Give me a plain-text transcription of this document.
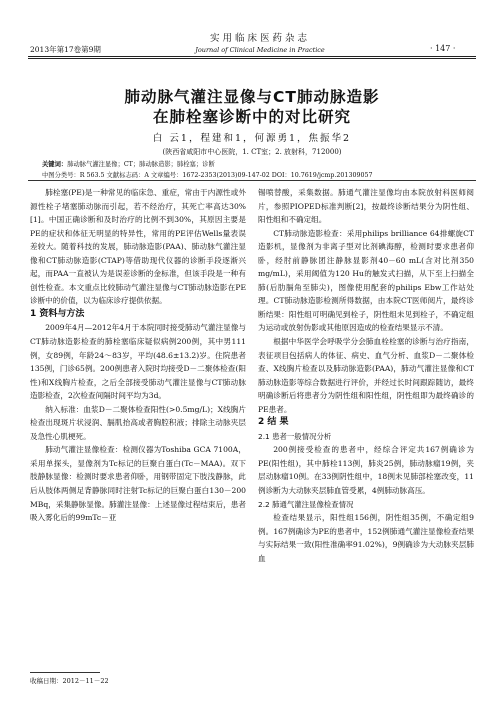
2013年第17卷第9期
实用临床医药杂志
Journal of Clinical Medicine in Practice	· 147 ·
肺动脉气灌注显像与CT肺动脉造影
在肺栓塞诊断中的对比研究
白 云1，程建和1，何源勇1，焦振华2
(陕西省咸阳市中心医院，1. CT室；2. 放射科，712000)
关键词：肺动脉气灌注显像；CT；肺动脉造影；肺栓塞；诊断
中图分类号：R 563.5 文献标志码：A 文章编号：1672-2353(2013)09-147-02 DOI：10.7619/jcmp.201309057

肺栓塞(PE)是一种常见的临床急、重症，常由于内源性或外源性栓子堵塞肺动脉而引起，若不经治疗，其死亡率高达30%[1]。中国正确诊断和及时治疗的比例不到30%，其原因主要是PE的症状和体征无明显的特异性，常用的PE评估Wells量表误差较大。随着科技的发展，肺动脉造影(PAA)、肺动脉气灌注显像和CT肺动脉造影(CTAP)等借助现代仪器的诊断手段逐渐兴起，而PAA一直被认为是误差诊断的金标准，但该手段是一种有创性检查。本文重点比较肺动气灌注显像与CT肺动脉造影在PE诊断中的价值，以为临床诊疗提供依据。

1 资料与方法

2009年4月—2012年4月于本院同时接受肺动气灌注显像与CT肺动脉造影检查的肺栓塞临床疑似病例200例，其中男111例，女89例，年龄24～83岁，平均(48.6±13.2)岁。住院患者135例，门诊65例。200例患者入院时均接受D－二聚体检查(阳性)和X线胸片检查，之后全部接受肺动气灌注显像与CT肺动脉造影检查，2次检查间隔时间平均为3d。

纳入标准：血浆D－二聚体检查阳性(>0.5mg/L)；X线胸片检查出现斑片状浸润、膈肌抬高或者胸腔积液；排除主动脉夹层及急性心肌梗死。

肺动气灌注显像检查：检测仪器为Toshiba GCA 7100A，采用单探头，显像剂为Tc标记的巨聚白蛋白(Tc－MAA)。双下肢静脉显像：检测时要求患者仰卧，用钢带固定下肢浅静脉，此后从肢体两侧足背静脉同时注射Tc标记的巨聚白蛋白130－200 MBq，采集静脉显像。肺灌注显像：上述显像过程结束后，患者吸入雾化后的99mTc－亚

锡喷替酸，采集数据。肺通气灌注显像均由本院放射科医师阅片，参照PIOPED标准判断[2]，按最终诊断结果分为阴性组、阳性组和不确定组。

CT肺动脉造影检查：采用philips brilliance 64排螺旋CT造影机，显像剂为非离子型对比剂碘海醇，检测时要求患者仰卧，经肘前静脉团注静脉显影剂40－60 mL(含对比剂350 mg/mL)，采用阈值为120 Hu的触发式扫描，从下至上扫描全肺(后肋膈角至肺尖)，图像使用配套的philips Ebw工作站处理。CT肺动脉造影检测所得数据，由本院CT医师阅片，最终诊断结果：阳性组可明确见到栓子，阴性组未见到栓子，不确定组为运动或放射伪影或其他原因造成的检查结果显示不清。

根据中华医学会呼吸学分会肺血栓栓塞的诊断与治疗指南，表征项目包括病人的体征、病史、血气分析、血浆D－二聚体检查、X线胸片检查以及肺动脉造影(PAA)，肺动气灌注显像和CT肺动脉造影等综合数据进行评价，并经过长时间跟踪随访，最终明确诊断后将患者分为阴性组和阳性组，阴性组即为最终确诊的PE患者。

2 结 果

2.1 患者一般情况分析

200例接受检查的患者中，经综合评定共167例确诊为PE(阳性组)，其中肺栓113例，肺炎25例，肺动脉瘤19例，夹层动脉瘤10例。在33例阴性组中，18例未见肺部栓塞改变，11例诊断为大动脉夹层肺血管受累，4例肺动脉高压。

2.2 肺通气灌注显像检查情况

检查结果显示，阳性组156例，阴性组35例，不确定组9例。167例确诊为PE的患者中，152例肺通气灌注显像检查结果与实际结果一致(阳性准确率91.02%)，9例确诊为大动脉夹层肺血

收稿日期：2012－11－22
